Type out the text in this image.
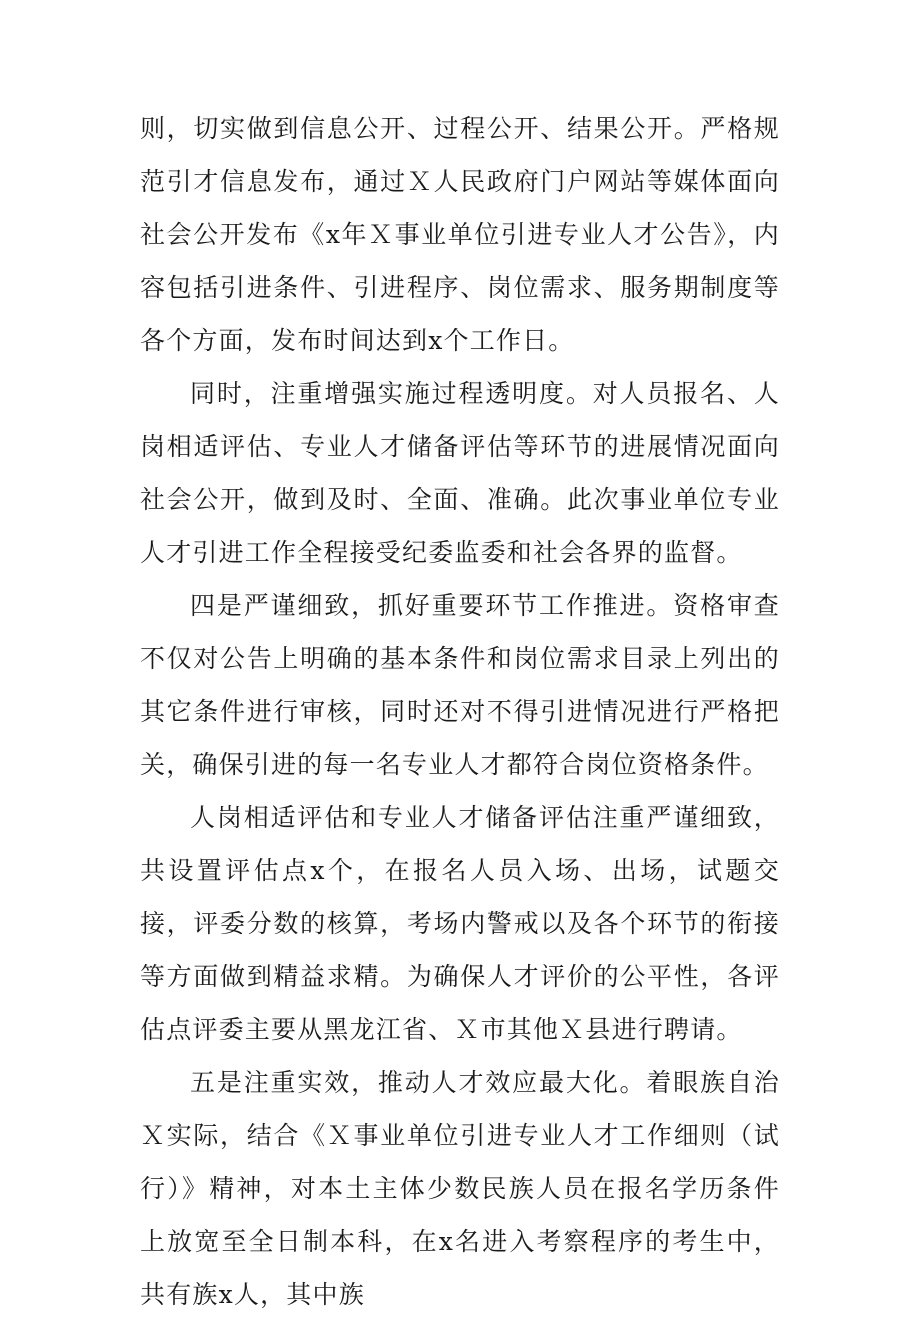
则，切实做到信息公开、过程公开、结果公开。严格规范引才信息发布，通过Ｘ人民政府门户网站等媒体面向社会公开发布《x年Ｘ事业单位引进专业人才公告》，内容包括引进条件、引进程序、岗位需求、服务期制度等各个方面，发布时间达到x个工作日。

同时，注重增强实施过程透明度。对人员报名、人岗相适评估、专业人才储备评估等环节的进展情况面向社会公开，做到及时、全面、准确。此次事业单位专业人才引进工作全程接受纪委监委和社会各界的监督。

四是严谨细致，抓好重要环节工作推进。资格审查不仅对公告上明确的基本条件和岗位需求目录上列出的其它条件进行审核，同时还对不得引进情况进行严格把关，确保引进的每一名专业人才都符合岗位资格条件。

人岗相适评估和专业人才储备评估注重严谨细致，共设置评估点x个，在报名人员入场、出场，试题交接，评委分数的核算，考场内警戒以及各个环节的衔接等方面做到精益求精。为确保人才评价的公平性，各评估点评委主要从黑龙江省、Ｘ市其他Ｘ县进行聘请。

五是注重实效，推动人才效应最大化。着眼族自治Ｘ实际，结合《Ｘ事业单位引进专业人才工作细则（试行）》精神，对本土主体少数民族人员在报名学历条件上放宽至全日制本科，在x名进入考察程序的考生中，共有族x人，其中族
